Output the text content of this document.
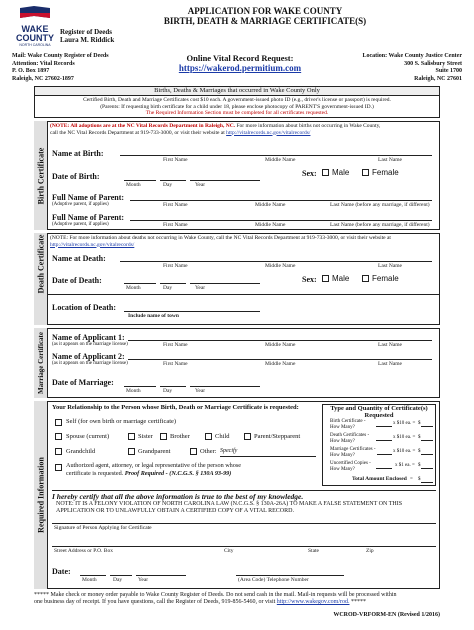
WAKE COUNTY
NORTH CAROLINA
Register of Deeds
Laura M. Riddick
APPLICATION FOR WAKE COUNTY
BIRTH, DEATH & MARRIAGE CERTIFICATE(S)
Mail: Wake County Register of Deeds
Attention: Vital Records
P. O. Box 1897
Raleigh, NC 27602-1897
Online Vital Record Request:
https://wakerod.permitium.com
Location: Wake County Justice Center
300 S. Salisbury Street
Suite 1700
Raleigh, NC 27601
Births, Deaths & Marriages that occurred in Wake County Only
Certified Birth, Death and Marriage Certificates cost $10 each. A government-issued photo ID (e.g., driver's license or passport) is required.
(Parents: If requesting birth certificate for a child under 18, please enclose photocopy of PARENT'S government-issued ID.)
The Required Information Section must be completed for all certificates requested.
Birth Certificate
(NOTE: All adoptions are at the NC Vital Records Department in Raleigh, NC. For more information about births not occurring in Wake County,
call the NC Vital Records Department at 919-733-3000, or visit their website at http://vitalrecords.nc.gov/vitalrecords/
Name at Birth:
First Name	Middle Name	Last Name
Date of Birth:
Month	Day	Year
Sex: Male	Female
Full Name of Parent:
(Adoptive parent, if applies)	First Name	Middle Name	Last Name (before any marriage, if different)
Full Name of Parent:
(Adoptive parent, if applies)	First Name	Middle Name	Last Name (before any marriage, if different)
Death Certificate (NOTE: For more information about deaths not occurring in Wake County, call the NC Vital Records Department at 919-733-3000, or visit their website at http://vitalrecords.nc.gov/vitalrecords/
Name at Death:
First Name	Middle Name	Last Name
Date of Death:
Month	Day	Year
Sex: Male	Female
Location of Death:
Include name of town
Marriage Certificate Name of Applicant 1:
(as it appears on the marriage license)	First Name	Middle Name	Last Name
Name of Applicant 2:
(as it appears on the marriage license)	First Name	Middle Name	Last Name
Date of Marriage:
Month	Day	Year
Required Information
Your Relationship to the Person whose Birth, Death or Marriage Certificate is requested:
Self (for own birth or marriage certificate)
Spouse (current)	Sister	Brother	Child	Parent/Stepparent
Grandchild	Grandparent	Other: Specify
Authorized agent, attorney, or legal representative of the person whose
certificate is requested. Proof Required - (N.C.G.S. § 130A 93-99)
Type and Quantity of Certificate(s) Requested
Birth Certificate - How Many?
x $10 ea. = $
Death Certificates - How Many?
x $10 ea. = $
Marriage Certificates - How Many?
x $10 ea. = $
Uncertified Copies - How Many?
x $1 ea. = $
Total Amount Enclosed = $
I hereby certify that all the above information is true to the best of my knowledge.
NOTE: IT IS A FELONY VIOLATION OF NORTH CAROLINA LAW (N.C.G.S. § 130A-26A) TO MAKE A FALSE STATEMENT ON THIS APPLICATION OR TO UNLAWFULLY OBTAIN A CERTIFIED COPY OF A VITAL RECORD.
Signature of Person Applying for Certificate
Street Address or P.O. Box	City	State	Zip
Date:
Month	Day	Year	(Area Code) Telephone Number
***** Make check or money order payable to Wake County Register of Deeds. Do not send cash in the mail. Mail-in requests will be processed within
one business day of receipt. If you have questions, call the Register of Deeds, 919-856-5460, or visit http://www.wakegov.com/rod. *****
WCROD-VRFORM-EN (Revised 1/2016)
